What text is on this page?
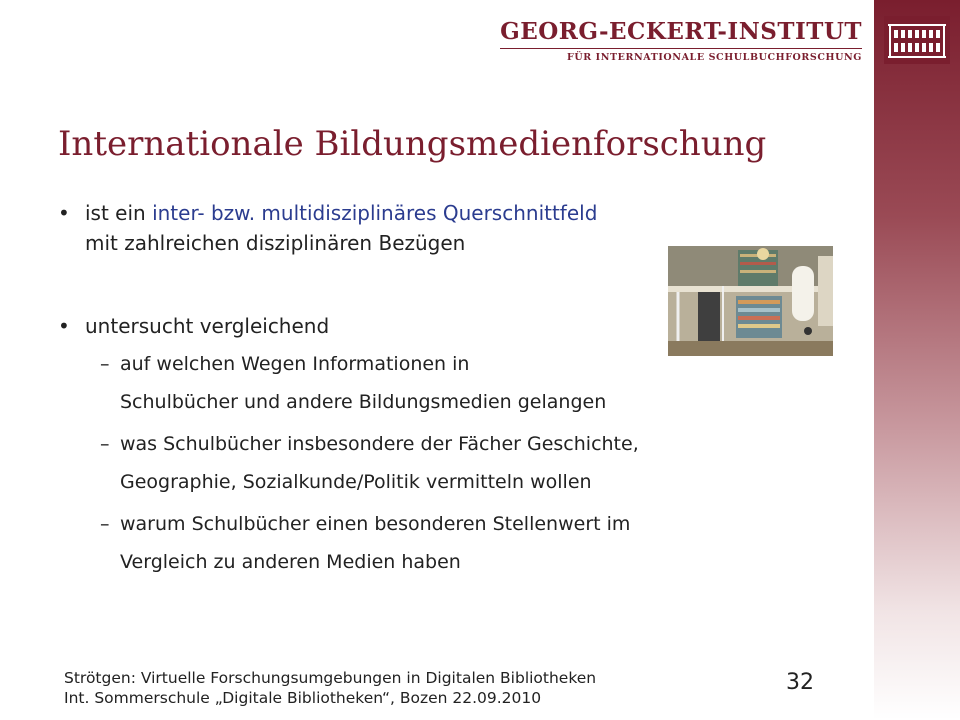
GEORG-ECKERT-INSTITUT
FÜR INTERNATIONALE SCHULBUCHFORSCHUNG
Internationale Bildungsmedienforschung
• ist ein inter- bzw. multidisziplinäres Querschnittfeld
mit zahlreichen disziplinären Bezügen
• untersucht vergleichend
– auf welchen Wegen Informationen in
Schulbücher und andere Bildungsmedien gelangen
– was Schulbücher insbesondere der Fächer Geschichte,
Geographie, Sozialkunde/Politik vermitteln wollen
– warum Schulbücher einen besonderen Stellenwert im
Vergleich zu anderen Medien haben
Strötgen: Virtuelle Forschungsumgebungen in Digitalen Bibliotheken
Int. Sommerschule „Digitale Bibliotheken“, Bozen 22.09.2010
32
